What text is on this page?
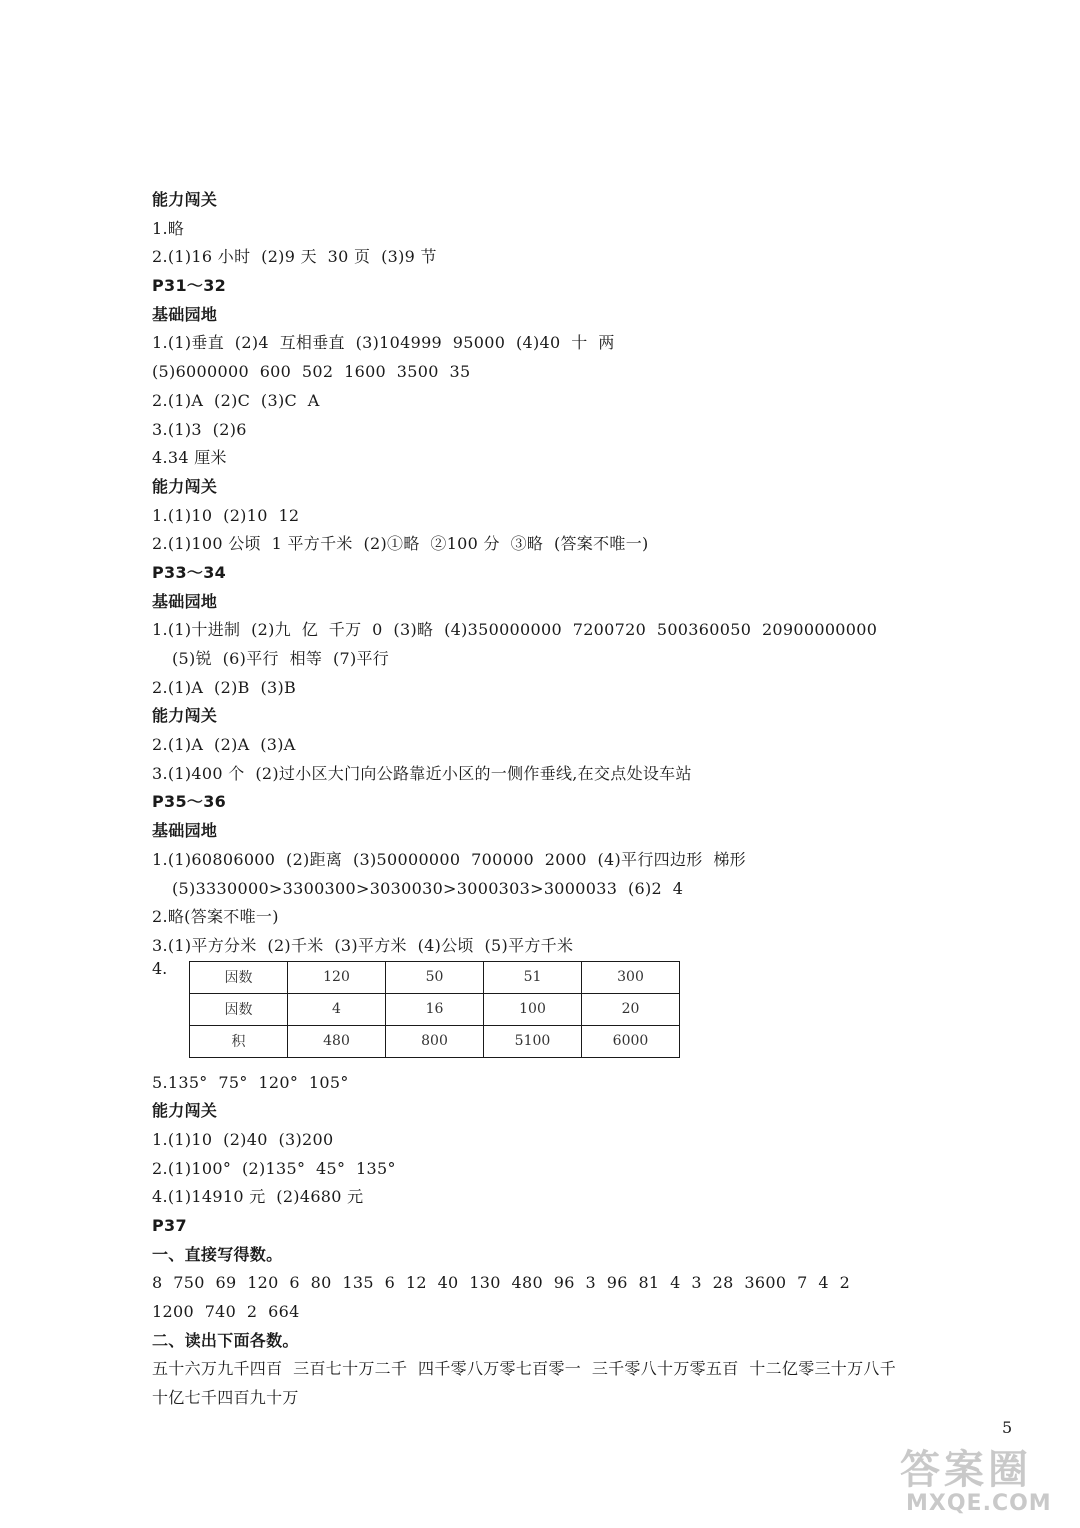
能力闯关
1.略
2.(1)16 小时  (2)9 天  30 页  (3)9 节
P31～32
基础园地
1.(1)垂直  (2)4  互相垂直  (3)104999  95000  (4)40  十  两
(5)6000000  600  502  1600  3500  35
2.(1)A  (2)C  (3)C  A
3.(1)3  (2)6
4.34 厘米
能力闯关
1.(1)10  (2)10  12
2.(1)100 公顷  1 平方千米  (2)①略  ②100 分  ③略  (答案不唯一)
P33～34
基础园地
1.(1)十进制  (2)九  亿  千万  0  (3)略  (4)350000000  7200720  500360050  20900000000
(5)锐  (6)平行  相等  (7)平行
2.(1)A  (2)B  (3)B
能力闯关
2.(1)A  (2)A  (3)A
3.(1)400 个  (2)过小区大门向公路靠近小区的一侧作垂线,在交点处设车站
P35～36
基础园地
1.(1)60806000  (2)距离  (3)50000000  700000  2000  (4)平行四边形  梯形
(5)3330000>3300300>3030030>3000303>3000033  (6)2  4
2.略(答案不唯一)
3.(1)平方分米  (2)千米  (3)平方米  (4)公顷  (5)平方千米
4.
因数	120	50	51	300
因数	4	16	100	20
积	480	800	5100	6000
5.135°  75°  120°  105°
能力闯关
1.(1)10  (2)40  (3)200
2.(1)100°  (2)135°  45°  135°
4.(1)14910 元  (2)4680 元
P37
一、直接写得数。
8  750  69  120  6  80  135  6  12  40  130  480  96  3  96  81  4  3  28  3600  7  4  2
1200  740  2  664
二、读出下面各数。
五十六万九千四百  三百七十万二千  四千零八万零七百零一  三千零八十万零五百  十二亿零三十万八千
十亿七千四百九十万
5
答案圈
MXQE.COM
